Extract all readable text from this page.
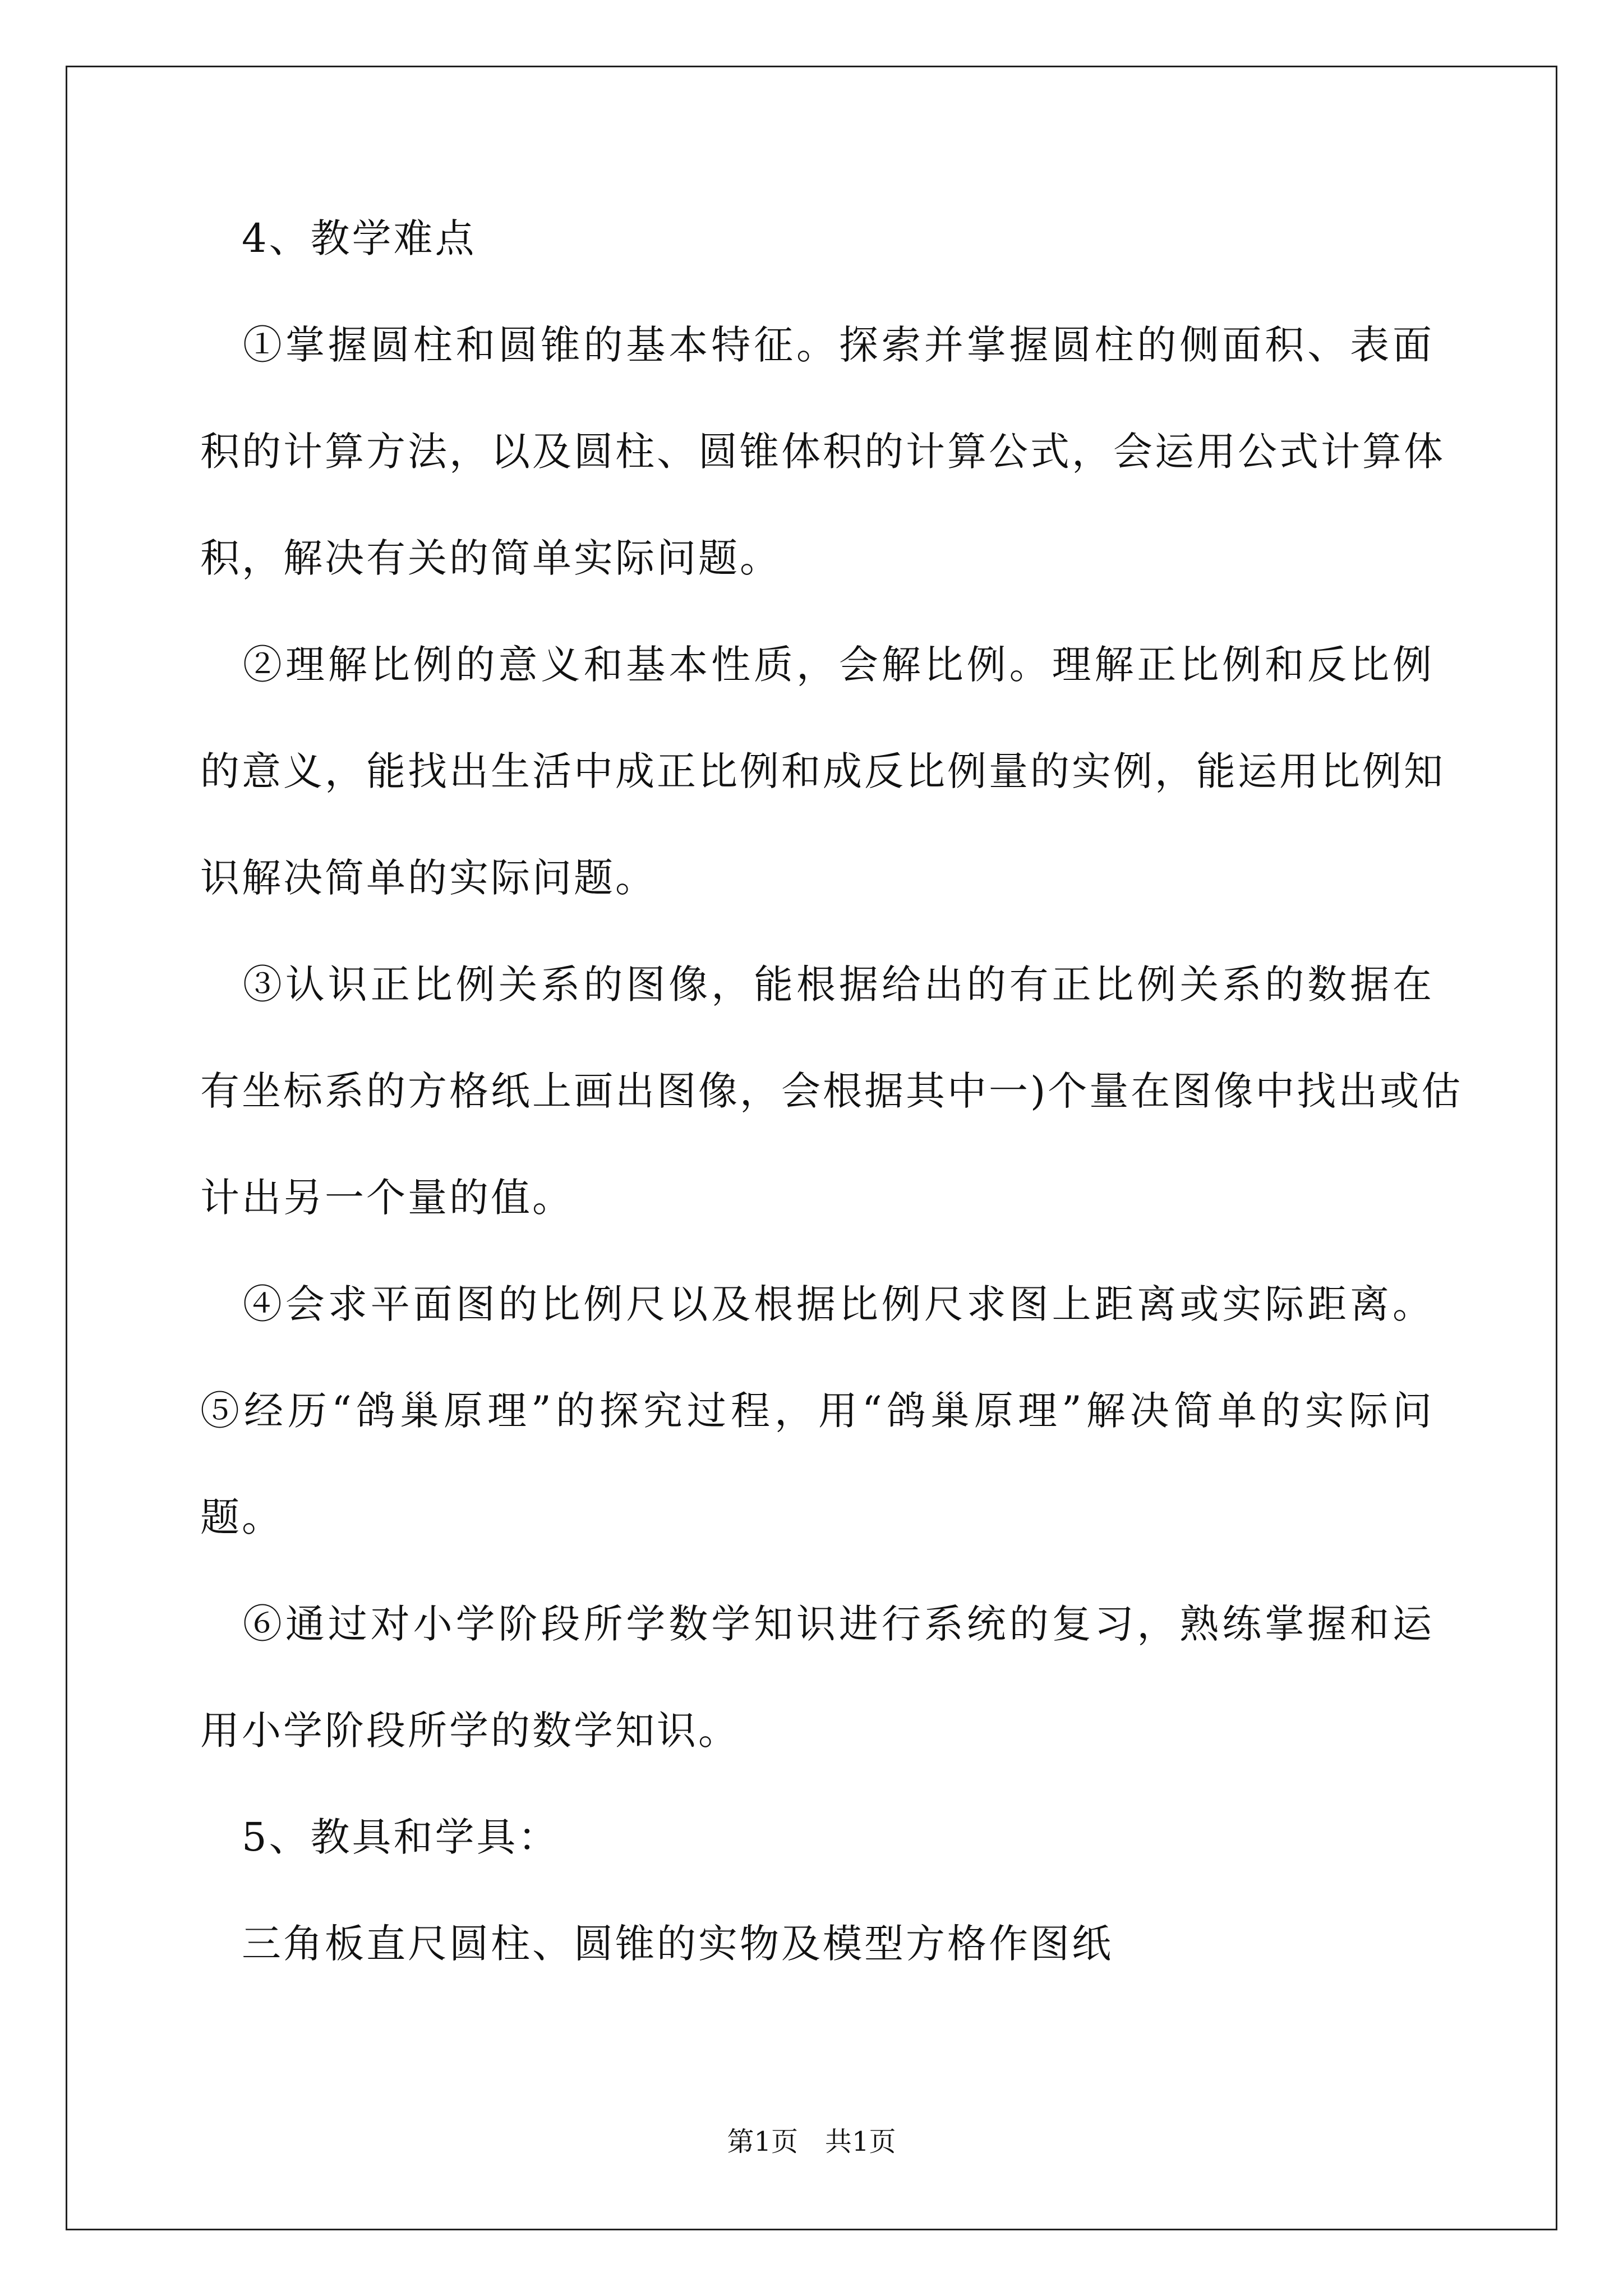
　4、教学难点
　①掌握圆柱和圆锥的基本特征。探索并掌握圆柱的侧面积、表面
积的计算方法，以及圆柱、圆锥体积的计算公式，会运用公式计算体
积，解决有关的简单实际问题。
　②理解比例的意义和基本性质，会解比例。理解正比例和反比例
的意义，能找出生活中成正比例和成反比例量的实例，能运用比例知
识解决简单的实际问题。
　③认识正比例关系的图像，能根据给出的有正比例关系的数据在
有坐标系的方格纸上画出图像，会根据其中一)个量在图像中找出或估
计出另一个量的值。
　④会求平面图的比例尺以及根据比例尺求图上距离或实际距离。
⑤经历“鸽巢原理”的探究过程，用“鸽巢原理”解决简单的实际问
题。
　⑥通过对小学阶段所学数学知识进行系统的复习，熟练掌握和运
用小学阶段所学的数学知识。
　5、教具和学具：
　三角板直尺圆柱、圆锥的实物及模型方格作图纸
第1页　共1页
